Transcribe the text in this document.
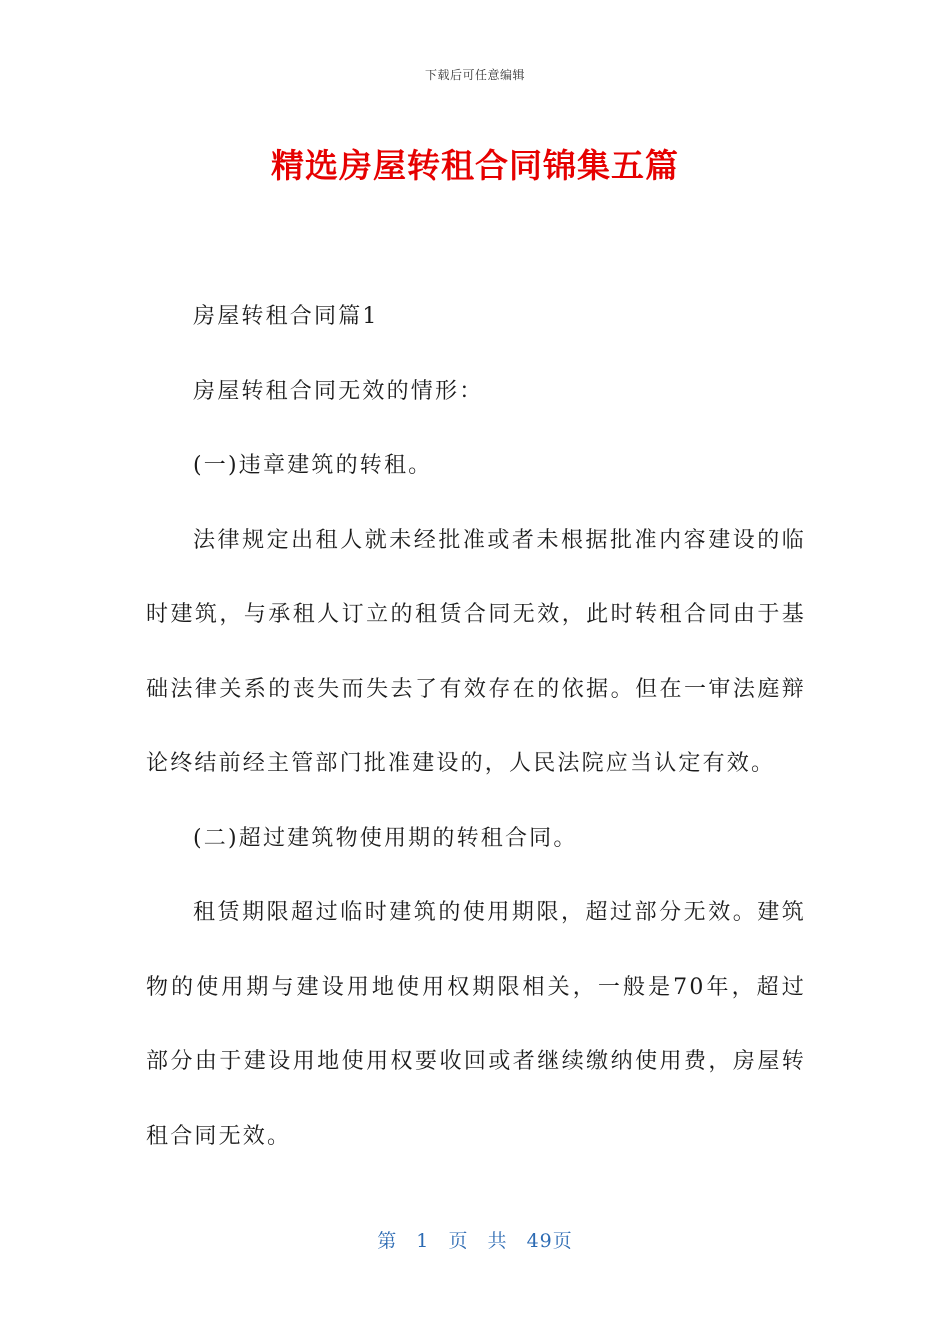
下载后可任意编辑
精选房屋转租合同锦集五篇

房屋转租合同篇1

房屋转租合同无效的情形：

(一)违章建筑的转租。

法律规定出租人就未经批准或者未根据批准内容建设的临时建筑，与承租人订立的租赁合同无效，此时转租合同由于基础法律关系的丧失而失去了有效存在的依据。但在一审法庭辩论终结前经主管部门批准建设的，人民法院应当认定有效。

(二)超过建筑物使用期的转租合同。

租赁期限超过临时建筑的使用期限，超过部分无效。建筑物的使用期与建设用地使用权期限相关，一般是70年，超过部分由于建设用地使用权要收回或者继续缴纳使用费，房屋转租合同无效。

第 1 页 共 49页
